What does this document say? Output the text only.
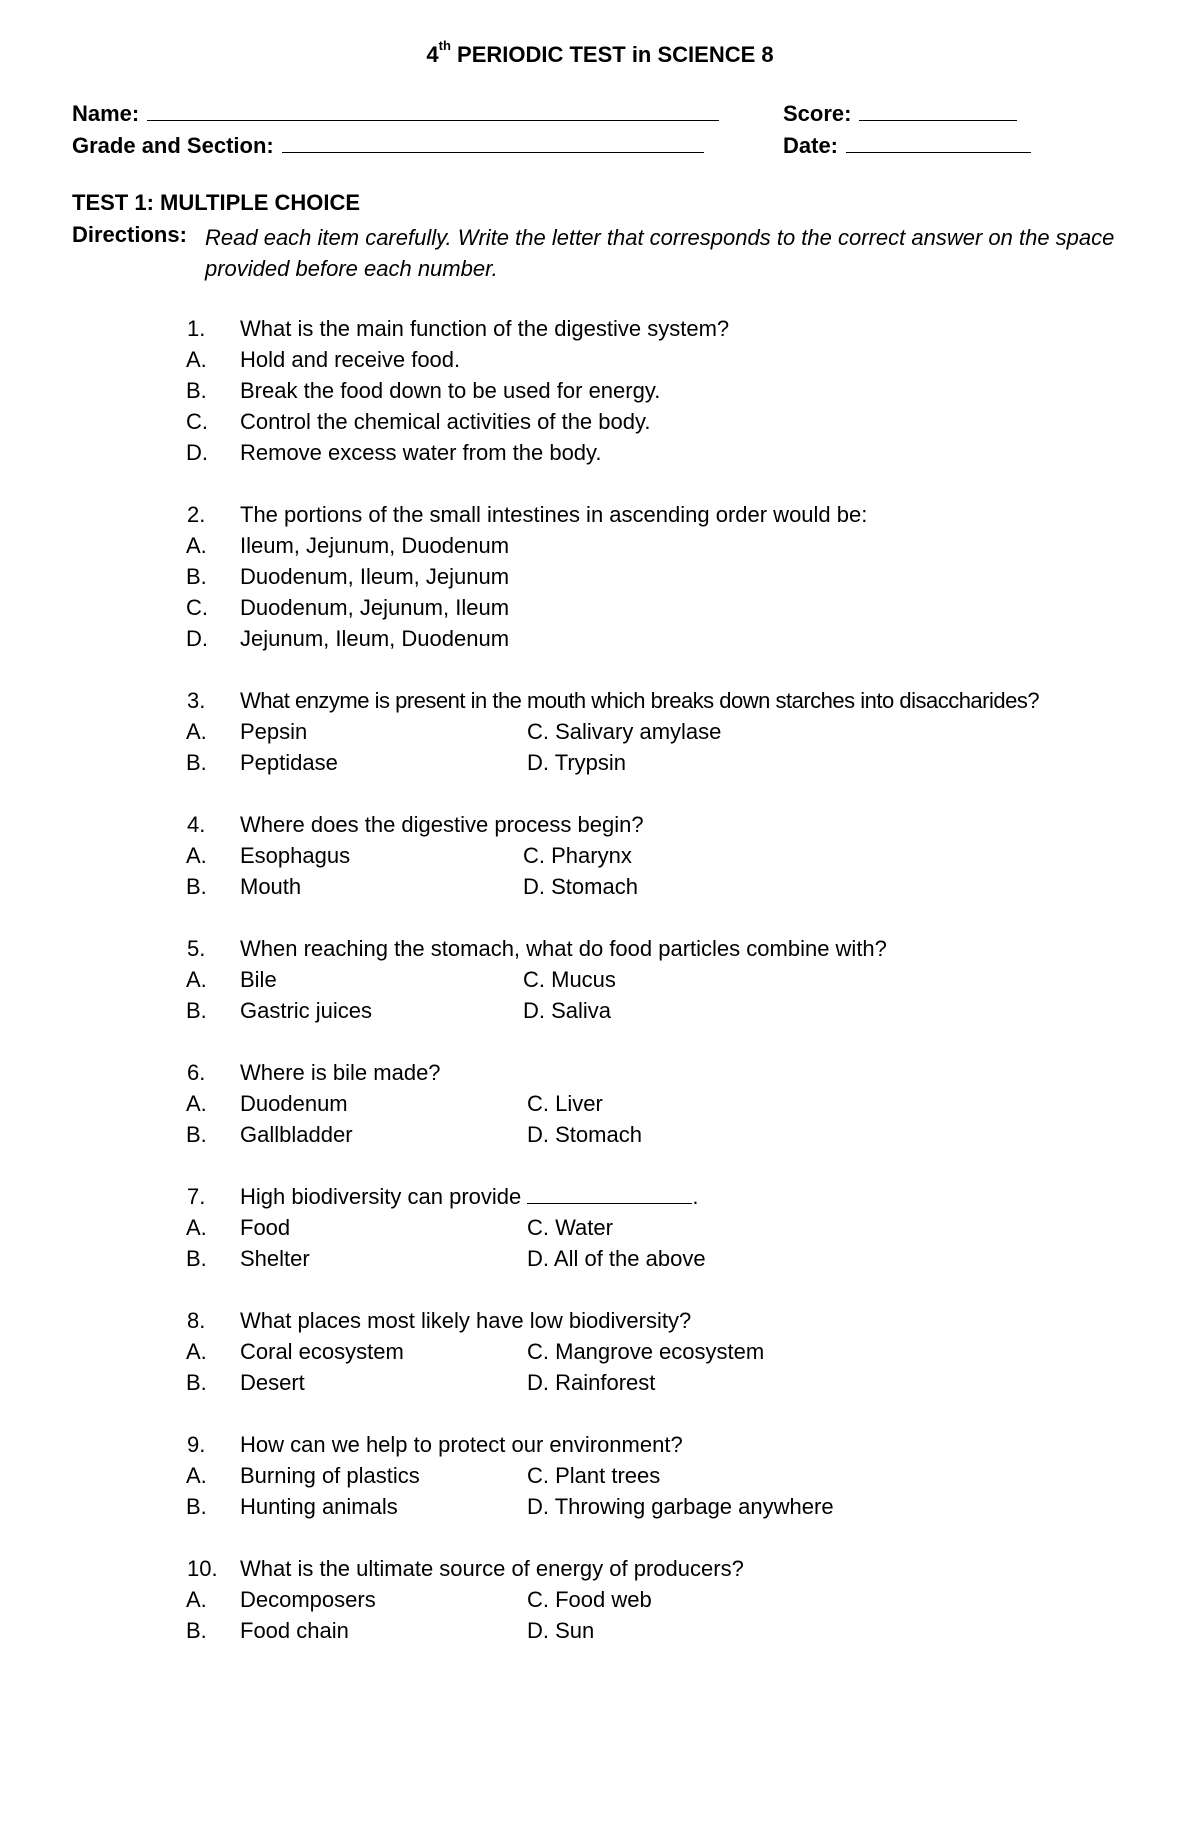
4th PERIODIC TEST in SCIENCE 8
Name:	Score:
Grade and Section:	Date:
TEST 1: MULTIPLE CHOICE
Directions: Read each item carefully. Write the letter that corresponds to the correct answer on the space provided before each number.
1.	What is the main function of the digestive system?
A. Hold and receive food.
B. Break the food down to be used for energy.
C. Control the chemical activities of the body.
D. Remove excess water from the body.
2.	The portions of the small intestines in ascending order would be:
A. Ileum, Jejunum, Duodenum
B. Duodenum, Ileum, Jejunum
C. Duodenum, Jejunum, Ileum
D. Jejunum, Ileum, Duodenum
3.	What enzyme is present in the mouth which breaks down starches into disaccharides?
A. Pepsin	C. Salivary amylase
B. Peptidase	D. Trypsin
4.	Where does the digestive process begin?
A. Esophagus	C. Pharynx
B. Mouth	D. Stomach
5.	When reaching the stomach, what do food particles combine with?
A. Bile	C. Mucus
B. Gastric juices	D. Saliva
6.	Where is bile made?
A. Duodenum	C. Liver
B. Gallbladder	D. Stomach
7.	High biodiversity can provide	.
A. Food	C. Water
B. Shelter	D. All of the above
8.	What places most likely have low biodiversity?
A. Coral ecosystem	C. Mangrove ecosystem
B. Desert	D. Rainforest
9.	How can we help to protect our environment?
A. Burning of plastics	C. Plant trees
B. Hunting animals	D. Throwing garbage anywhere
10.	What is the ultimate source of energy of producers?
A. Decomposers	C. Food web
B. Food chain	D. Sun
